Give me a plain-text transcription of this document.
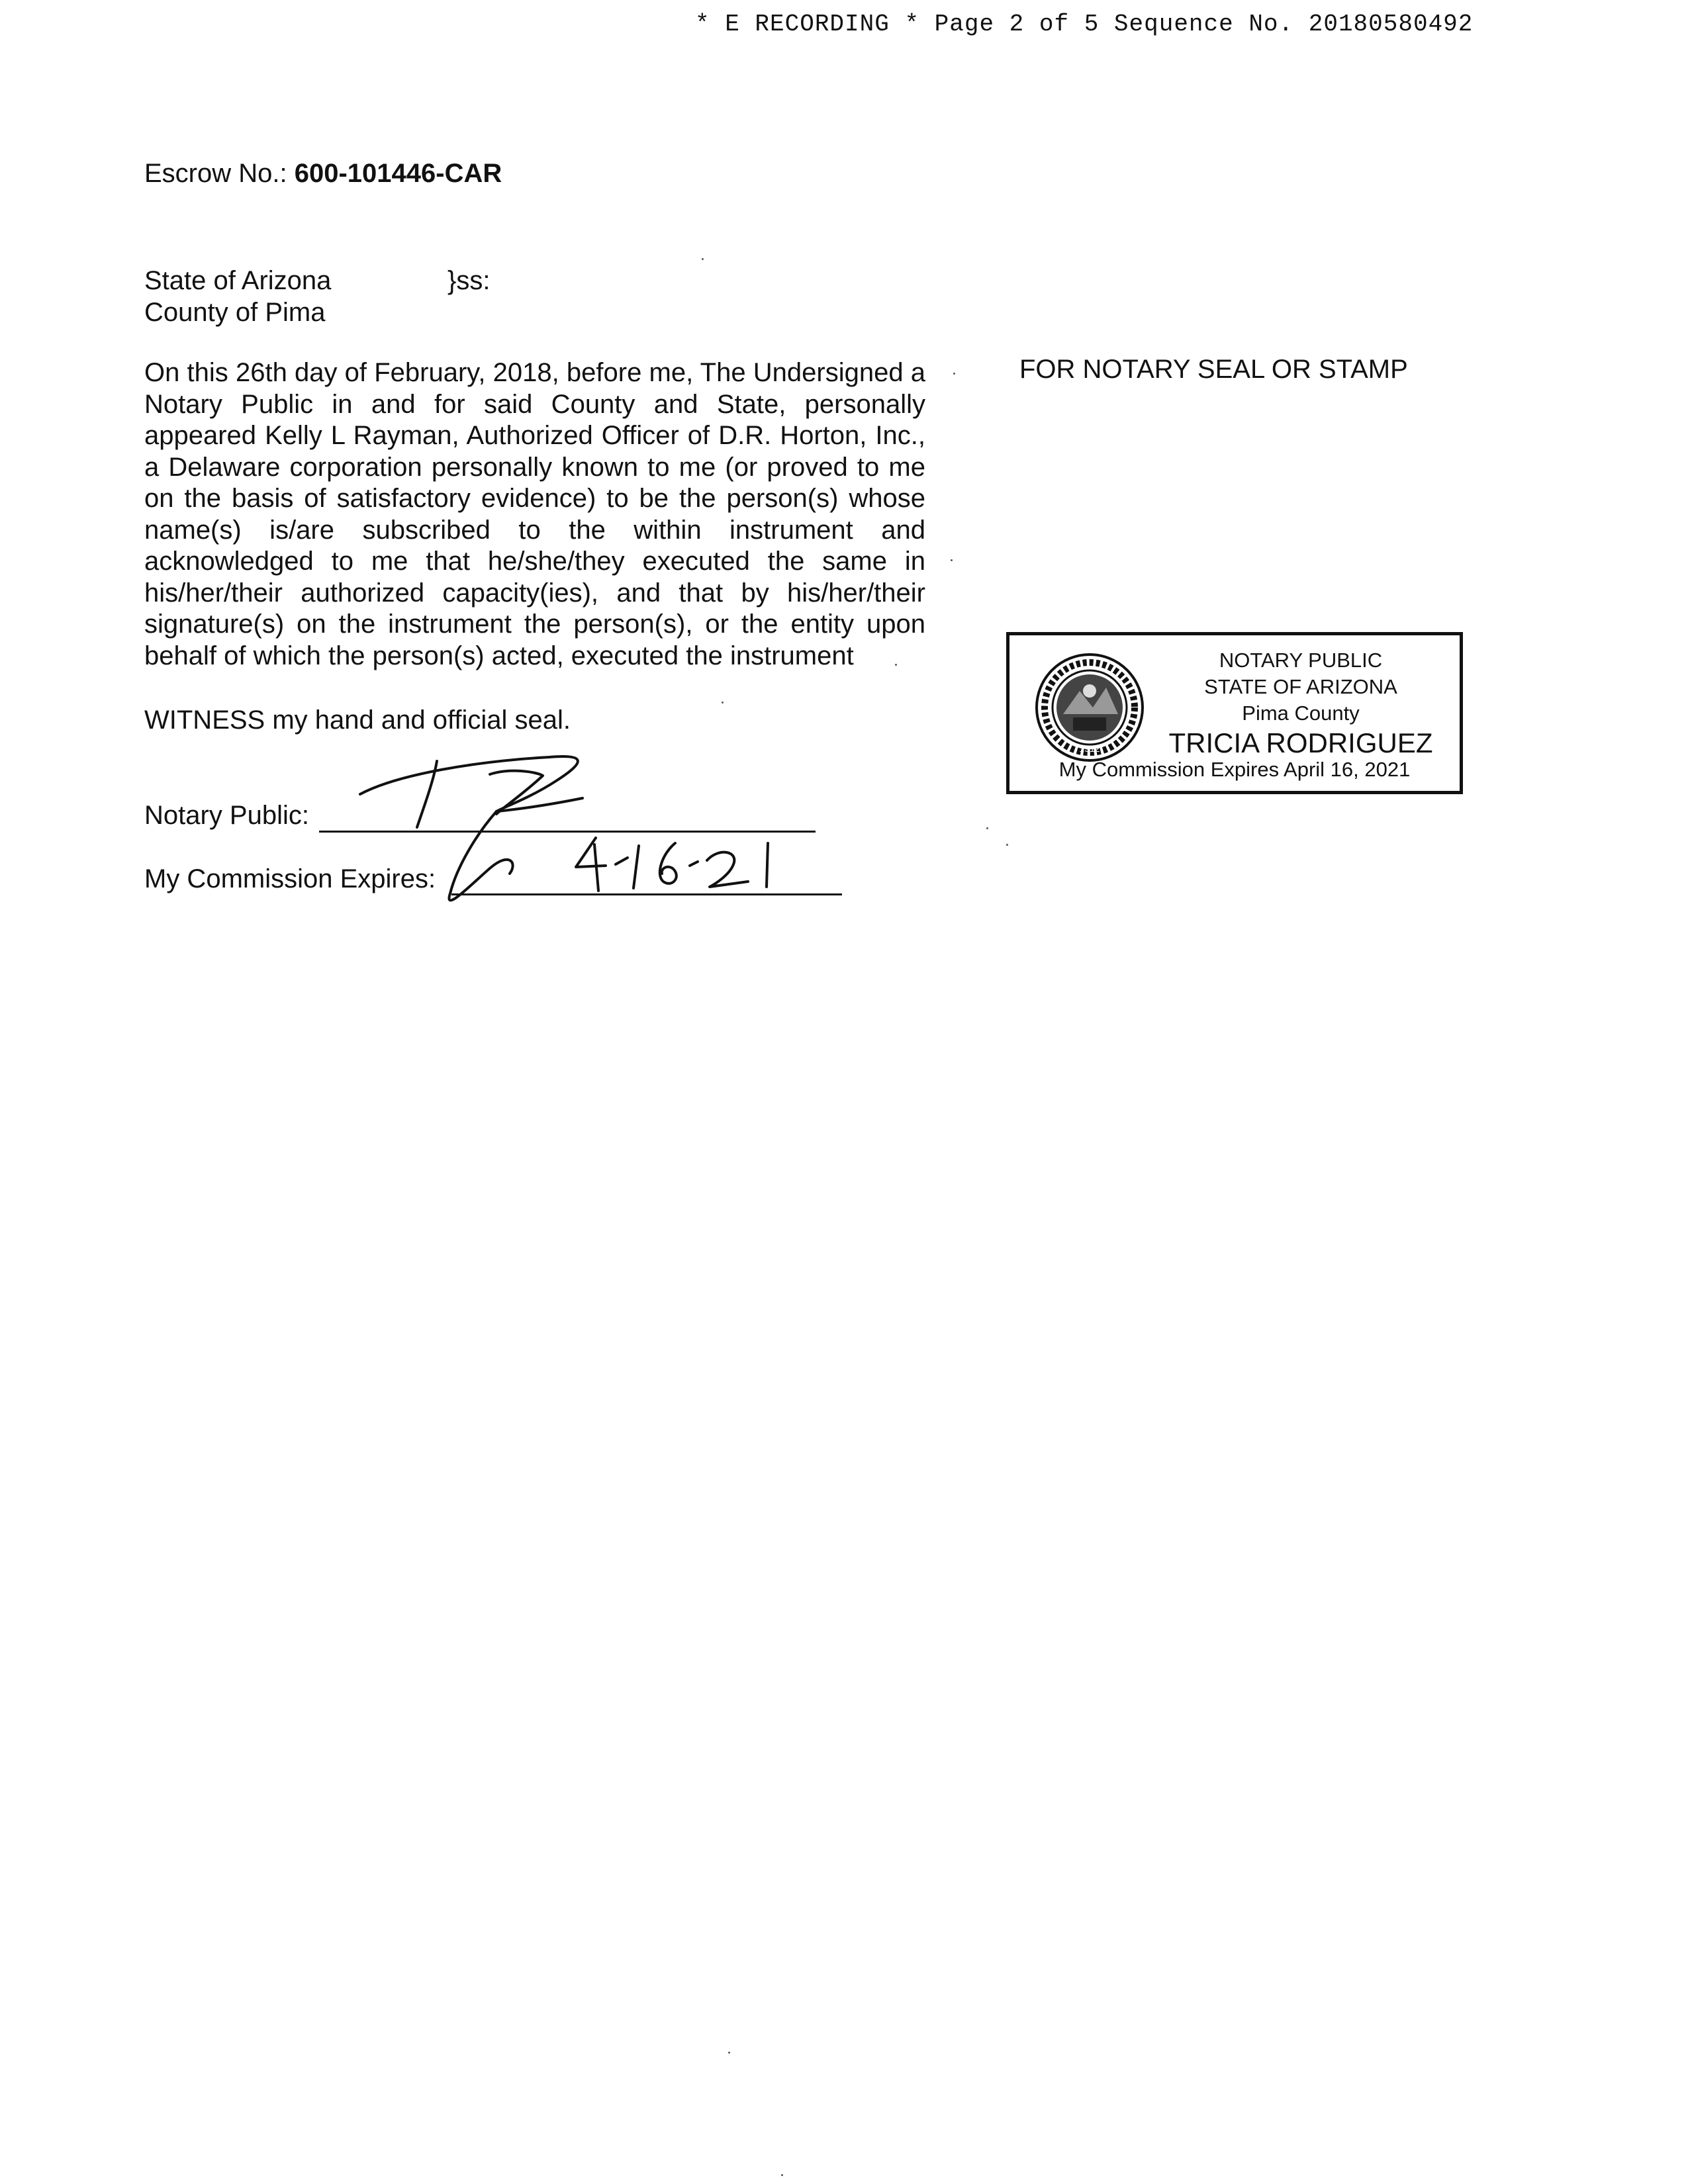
* E RECORDING * Page 2 of 5 Sequence No. 20180580492
Escrow No.: 600-101446-CAR
State of Arizona
County of Pima
}ss:
On this 26th day of February, 2018, before me, The Undersigned a Notary Public in and for said County and State, personally appeared Kelly L Rayman, Authorized Officer of D.R. Horton, Inc., a Delaware corporation personally known to me (or proved to me on the basis of satisfactory evidence) to be the person(s) whose name(s) is/are subscribed to the within instrument and acknowledged to me that he/she/they executed the same in his/her/their authorized capacity(ies), and that by his/her/their signature(s) on the instrument the person(s), or the entity upon behalf of which the person(s) acted, executed the instrument
FOR NOTARY SEAL OR STAMP
WITNESS my hand and official seal.
Notary Public:
My Commission Expires:
1912
NOTARY PUBLIC
STATE OF ARIZONA
Pima County
TRICIA RODRIGUEZ
My Commission Expires April 16, 2021
